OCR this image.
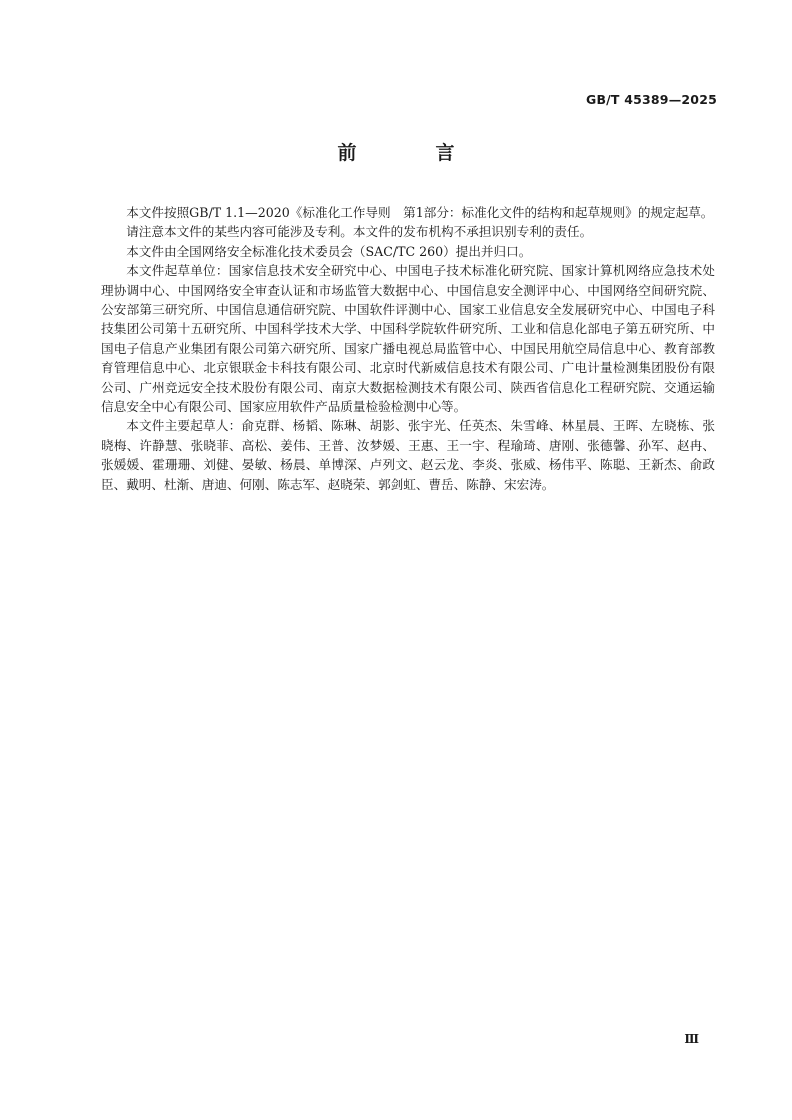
GB/T 45389—2025
前　言

本文件按照GB/T 1.1—2020《标准化工作导则　第1部分：标准化文件的结构和起草规则》的规定起草。

请注意本文件的某些内容可能涉及专利。本文件的发布机构不承担识别专利的责任。

本文件由全国网络安全标准化技术委员会（SAC/TC 260）提出并归口。

本文件起草单位：国家信息技术安全研究中心、中国电子技术标准化研究院、国家计算机网络应急技术处理协调中心、中国网络安全审查认证和市场监管大数据中心、中国信息安全测评中心、中国网络空间研究院、公安部第三研究所、中国信息通信研究院、中国软件评测中心、国家工业信息安全发展研究中心、中国电子科技集团公司第十五研究所、中国科学技术大学、中国科学院软件研究所、工业和信息化部电子第五研究所、中国电子信息产业集团有限公司第六研究所、国家广播电视总局监管中心、中国民用航空局信息中心、教育部教育管理信息中心、北京银联金卡科技有限公司、北京时代新威信息技术有限公司、广电计量检测集团股份有限公司、广州竞远安全技术股份有限公司、南京大数据检测技术有限公司、陕西省信息化工程研究院、交通运输信息安全中心有限公司、国家应用软件产品质量检验检测中心等。

本文件主要起草人：俞克群、杨韬、陈琳、胡影、张宇光、任英杰、朱雪峰、林星晨、王晖、左晓栋、张晓梅、许静慧、张晓菲、高松、姜伟、王普、汝梦媛、王惠、王一宇、程瑜琦、唐刚、张德馨、孙军、赵冉、张媛媛、霍珊珊、刘健、晏敏、杨晨、单博深、卢列文、赵云龙、李炎、张威、杨伟平、陈聪、王新杰、俞政臣、戴明、杜渐、唐迪、何刚、陈志军、赵晓荣、郭剑虹、曹岳、陈静、宋宏涛。

Ⅲ
